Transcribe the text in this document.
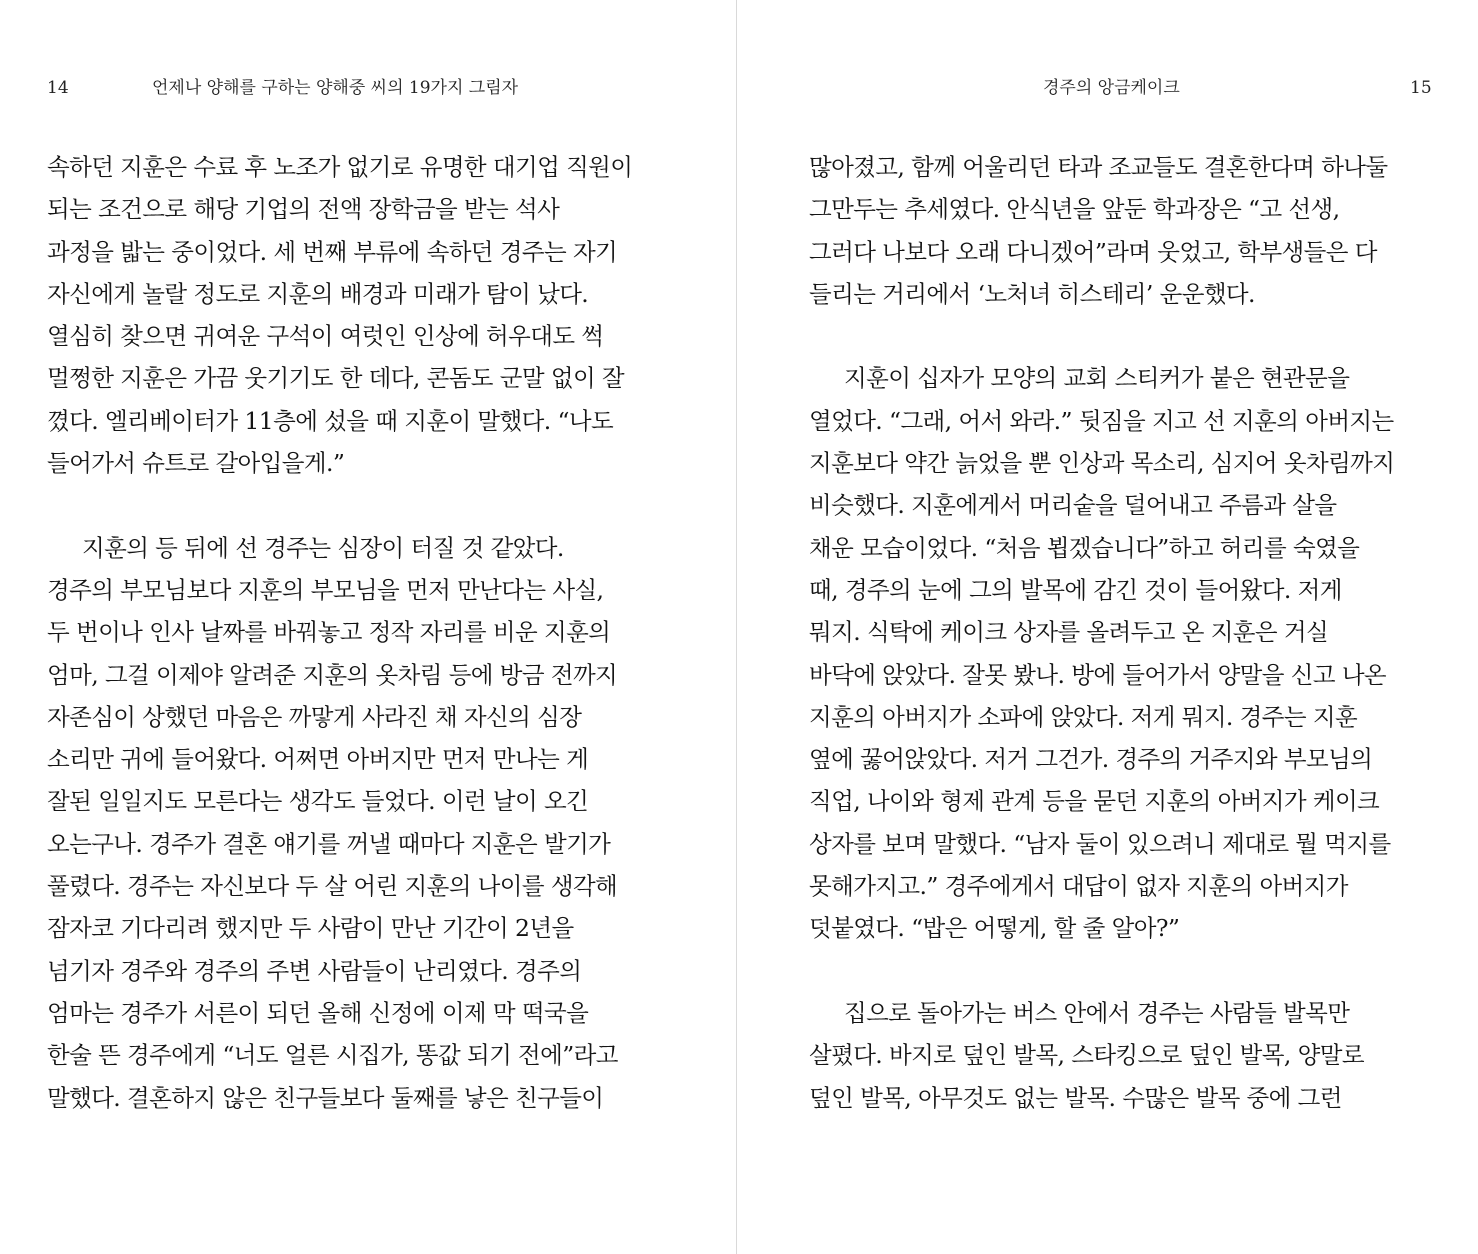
14	언제나 양해를 구하는 양해중 씨의 19가지 그림자
속하던 지훈은 수료 후 노조가 없기로 유명한 대기업 직원이
되는 조건으로 해당 기업의 전액 장학금을 받는 석사
과정을 밟는 중이었다. 세 번째 부류에 속하던 경주는 자기
자신에게 놀랄 정도로 지훈의 배경과 미래가 탐이 났다.
열심히 찾으면 귀여운 구석이 여럿인 인상에 허우대도 썩
멀쩡한 지훈은 가끔 웃기기도 한 데다, 콘돔도 군말 없이 잘
꼈다. 엘리베이터가 11층에 섰을 때 지훈이 말했다. “나도
들어가서 슈트로 갈아입을게.”
지훈의 등 뒤에 선 경주는 심장이 터질 것 같았다.
경주의 부모님보다 지훈의 부모님을 먼저 만난다는 사실,
두 번이나 인사 날짜를 바꿔놓고 정작 자리를 비운 지훈의
엄마, 그걸 이제야 알려준 지훈의 옷차림 등에 방금 전까지
자존심이 상했던 마음은 까맣게 사라진 채 자신의 심장
소리만 귀에 들어왔다. 어쩌면 아버지만 먼저 만나는 게
잘된 일일지도 모른다는 생각도 들었다. 이런 날이 오긴
오는구나. 경주가 결혼 얘기를 꺼낼 때마다 지훈은 발기가
풀렸다. 경주는 자신보다 두 살 어린 지훈의 나이를 생각해
잠자코 기다리려 했지만 두 사람이 만난 기간이 2년을
넘기자 경주와 경주의 주변 사람들이 난리였다. 경주의
엄마는 경주가 서른이 되던 올해 신정에 이제 막 떡국을
한술 뜬 경주에게 “너도 얼른 시집가, 똥값 되기 전에”라고
말했다. 결혼하지 않은 친구들보다 둘째를 낳은 친구들이
경주의 앙금케이크	15
많아졌고, 함께 어울리던 타과 조교들도 결혼한다며 하나둘
그만두는 추세였다. 안식년을 앞둔 학과장은 “고 선생,
그러다 나보다 오래 다니겠어”라며 웃었고, 학부생들은 다
들리는 거리에서 ‘노처녀 히스테리’ 운운했다.
지훈이 십자가 모양의 교회 스티커가 붙은 현관문을
열었다. “그래, 어서 와라.” 뒷짐을 지고 선 지훈의 아버지는
지훈보다 약간 늙었을 뿐 인상과 목소리, 심지어 옷차림까지
비슷했다. 지훈에게서 머리숱을 덜어내고 주름과 살을
채운 모습이었다. “처음 뵙겠습니다”하고 허리를 숙였을
때, 경주의 눈에 그의 발목에 감긴 것이 들어왔다. 저게
뭐지. 식탁에 케이크 상자를 올려두고 온 지훈은 거실
바닥에 앉았다. 잘못 봤나. 방에 들어가서 양말을 신고 나온
지훈의 아버지가 소파에 앉았다. 저게 뭐지. 경주는 지훈
옆에 꿇어앉았다. 저거 그건가. 경주의 거주지와 부모님의
직업, 나이와 형제 관계 등을 묻던 지훈의 아버지가 케이크
상자를 보며 말했다. “남자 둘이 있으려니 제대로 뭘 먹지를
못해가지고.” 경주에게서 대답이 없자 지훈의 아버지가
덧붙였다. “밥은 어떻게, 할 줄 알아?”
집으로 돌아가는 버스 안에서 경주는 사람들 발목만
살폈다. 바지로 덮인 발목, 스타킹으로 덮인 발목, 양말로
덮인 발목, 아무것도 없는 발목. 수많은 발목 중에 그런
